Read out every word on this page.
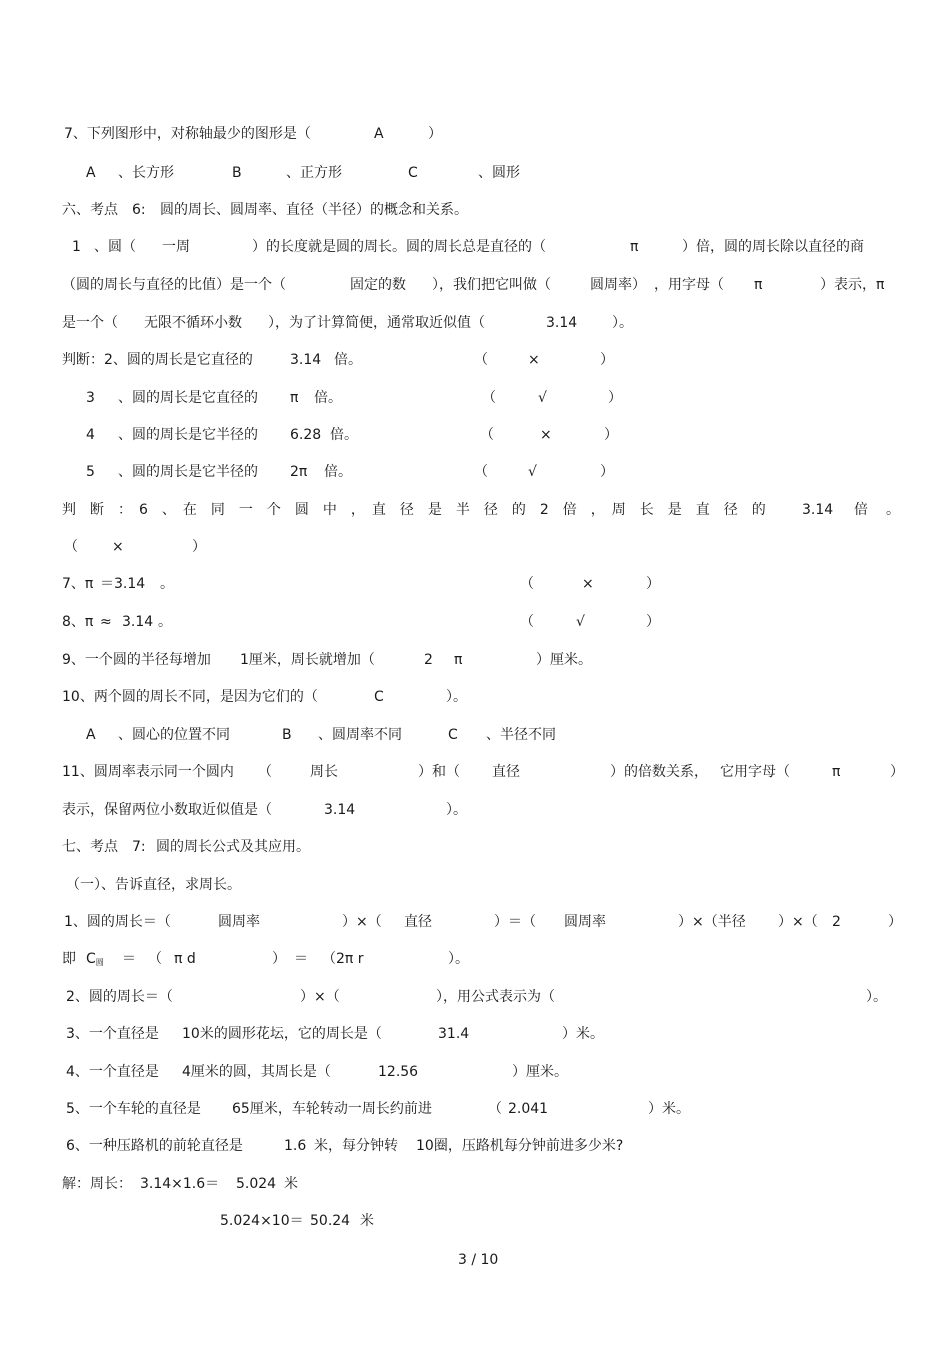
7、下列图形中，对称轴最少的图形是（	A	）
A 、长方形	B	、正方形	C	、圆形
六、考点 6: 圆的周长、圆周率、直径（半径）的概念和关系。
1 、圆（ 一周	）的长度就是圆的周长。圆的周长总是直径的（	π	）倍，圆的周长除以直径的商
（圆的周长与直径的比值）是一个（	固定的数 ），我们把它叫做（	圆周率） ，用字母（ π	）表示，π
是一个（ 无限不循环小数 ），为了计算简便，通常取近似值（	3.14 ）。
判断：2、圆的周长是它直径的	3.14 倍。	（	×	）
3 、圆的周长是它直径的 π 倍。	（	√	）
4 、圆的周长是它半径的 6.28 倍。	（	×	）
5 、圆的周长是它半径的 2π 倍。	（	√	）
判　断　：　6　、　在　同　一　个　圆　中　，　直　径　是　半　径　的　2　倍　，　周　长　是　直　径　的	3.14 倍 。
（ ×	）
7、π ＝3.14 。	（	×	）
8、π ≈ 3.14 。	（	√	）
9、一个圆的半径每增加 1厘米，周长就增加（	2 π	）厘米。
10、两个圆的周长不同，是因为它们的（	C	）。
A 、圆心的位置不同	B 、圆周率不同	C 、半径不同
11、圆周率表示同一个圆内 （	周长	）和（ 直径	）的倍数关系， 它用字母（	π	）
表示，保留两位小数取近似值是（	3.14	）。
七、考点 7: 圆的周长公式及其应用。
（一）、告诉直径，求周长。
1、圆的周长＝（	圆周率	）×（ 直径	）＝（ 圆周率	）×（半径 ）×（ 2	）
即 $C_圆$ ＝ （ π d	） ＝ （2π r	）。
2、圆的周长＝（	）×（	），用公式表示为（	）。
3、一个直径是 10米的圆形花坛，它的周长是（	31.4	）米。
4、一个直径是 4厘米的圆，其周长是（	12.56	）厘米。
5、一个车轮的直径是 65厘米，车轮转动一周长约前进	（ 2.041	）米。
6、一种压路机的前轮直径是	1.6 米，每分钟转 10圈，压路机每分钟前进多少米?
解：周长： 3.14×1.6＝ 5.024 米
5.024×10＝ 50.24 米
3 / 10
